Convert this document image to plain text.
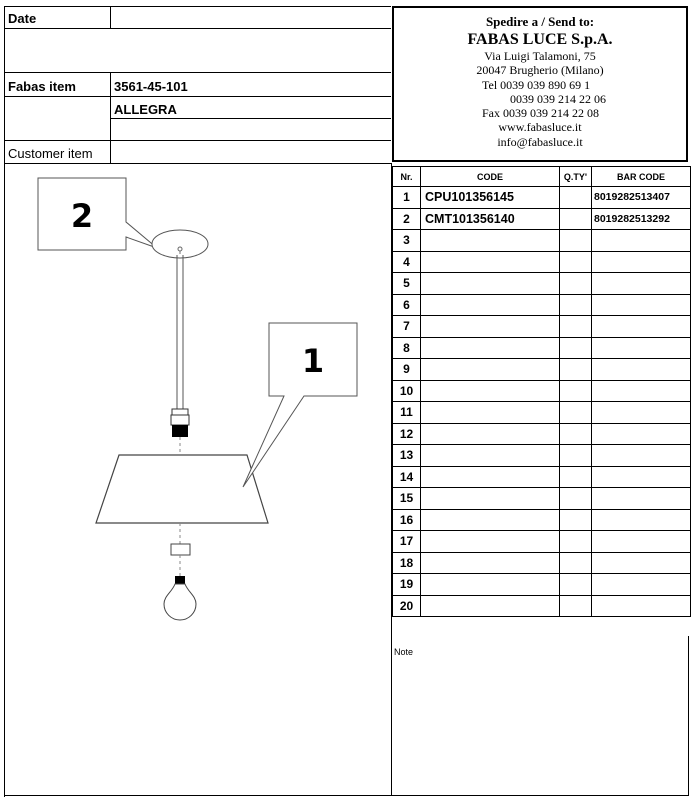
Date
Fabas item	3561-45-101
ALLEGRA
Customer item
Spedire a / Send to:
FABAS LUCE S.p.A.
Via Luigi Talamoni, 75
20047 Brugherio (Milano)
Tel 0039 039 890 69 1
0039 039 214 22 06
Fax 0039 039 214 22 08
www.fabasluce.it
info@fabasluce.it
Nr.	CODE	Q.TY'	BAR CODE
1	CPU101356145		8019282513407
2	CMT101356140		8019282513292
3			
4			
5			
6			
7			
8			
9			
10			
11			
12			
13			
14			
15			
16			
17			
18			
19			
20			
Note
2
1
